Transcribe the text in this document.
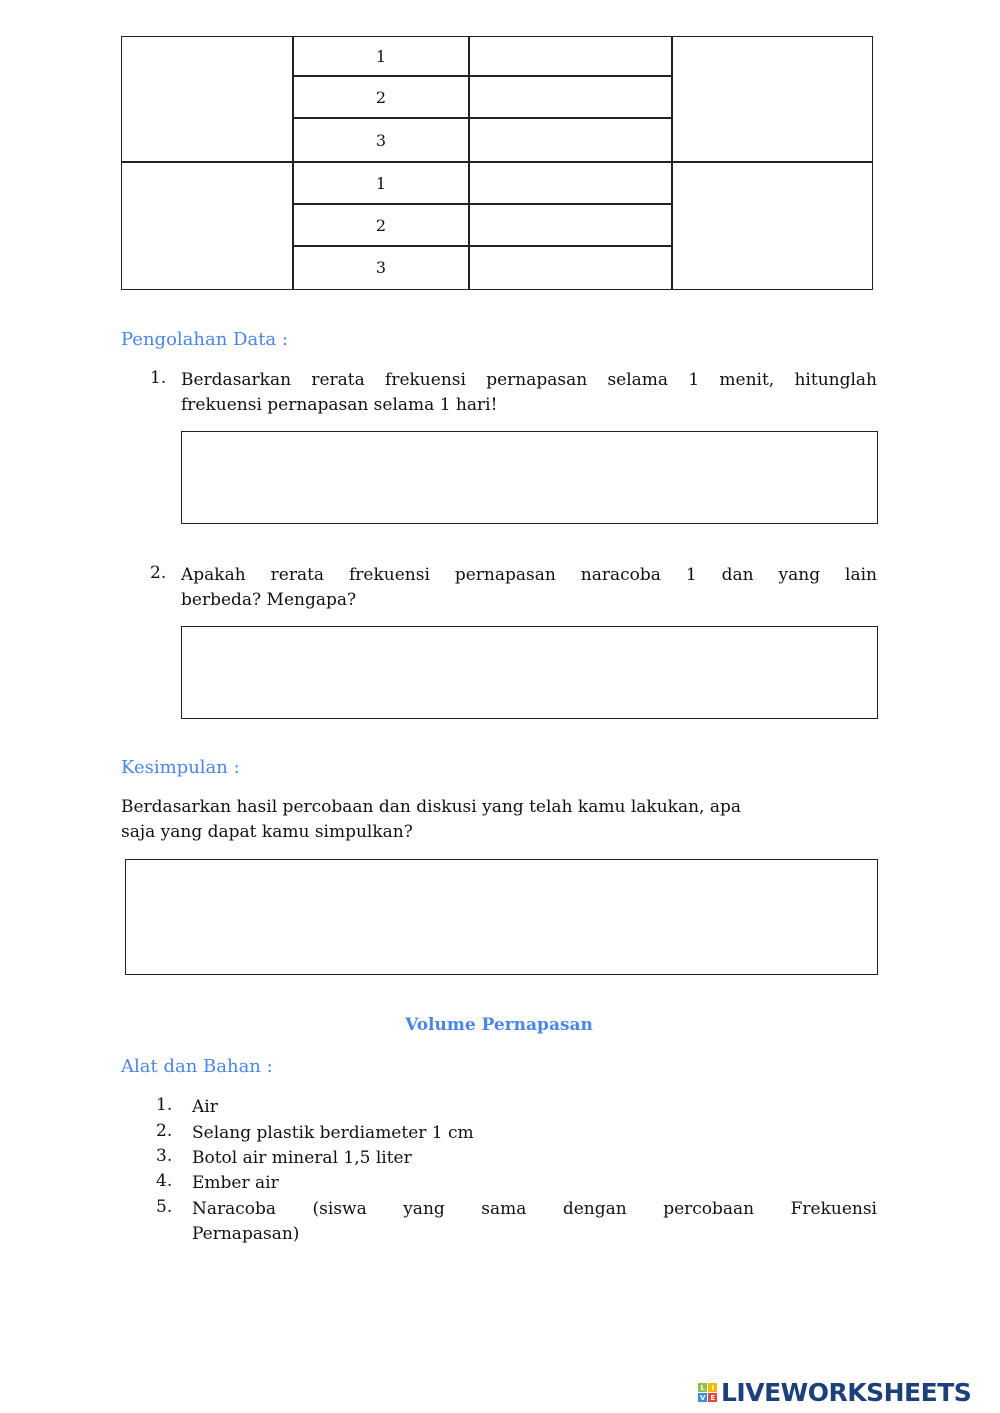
1
2
3
1
2
3
Pengolahan Data :
1. Berdasarkan rerata frekuensi pernapasan selama 1 menit, hitunglah
frekuensi pernapasan selama 1 hari!
2. Apakah rerata frekuensi pernapasan naracoba 1 dan yang lain
berbeda? Mengapa?
Kesimpulan :
Berdasarkan hasil percobaan dan diskusi yang telah kamu lakukan, apa
saja yang dapat kamu simpulkan?
Volume Pernapasan
Alat dan Bahan :
1. Air
2. Selang plastik berdiameter 1 cm
3. Botol air mineral 1,5 liter
4. Ember air
5. Naracoba (siswa yang sama dengan percobaan Frekuensi
Pernapasan)
L I
V E LIVEWORKSHEETS
